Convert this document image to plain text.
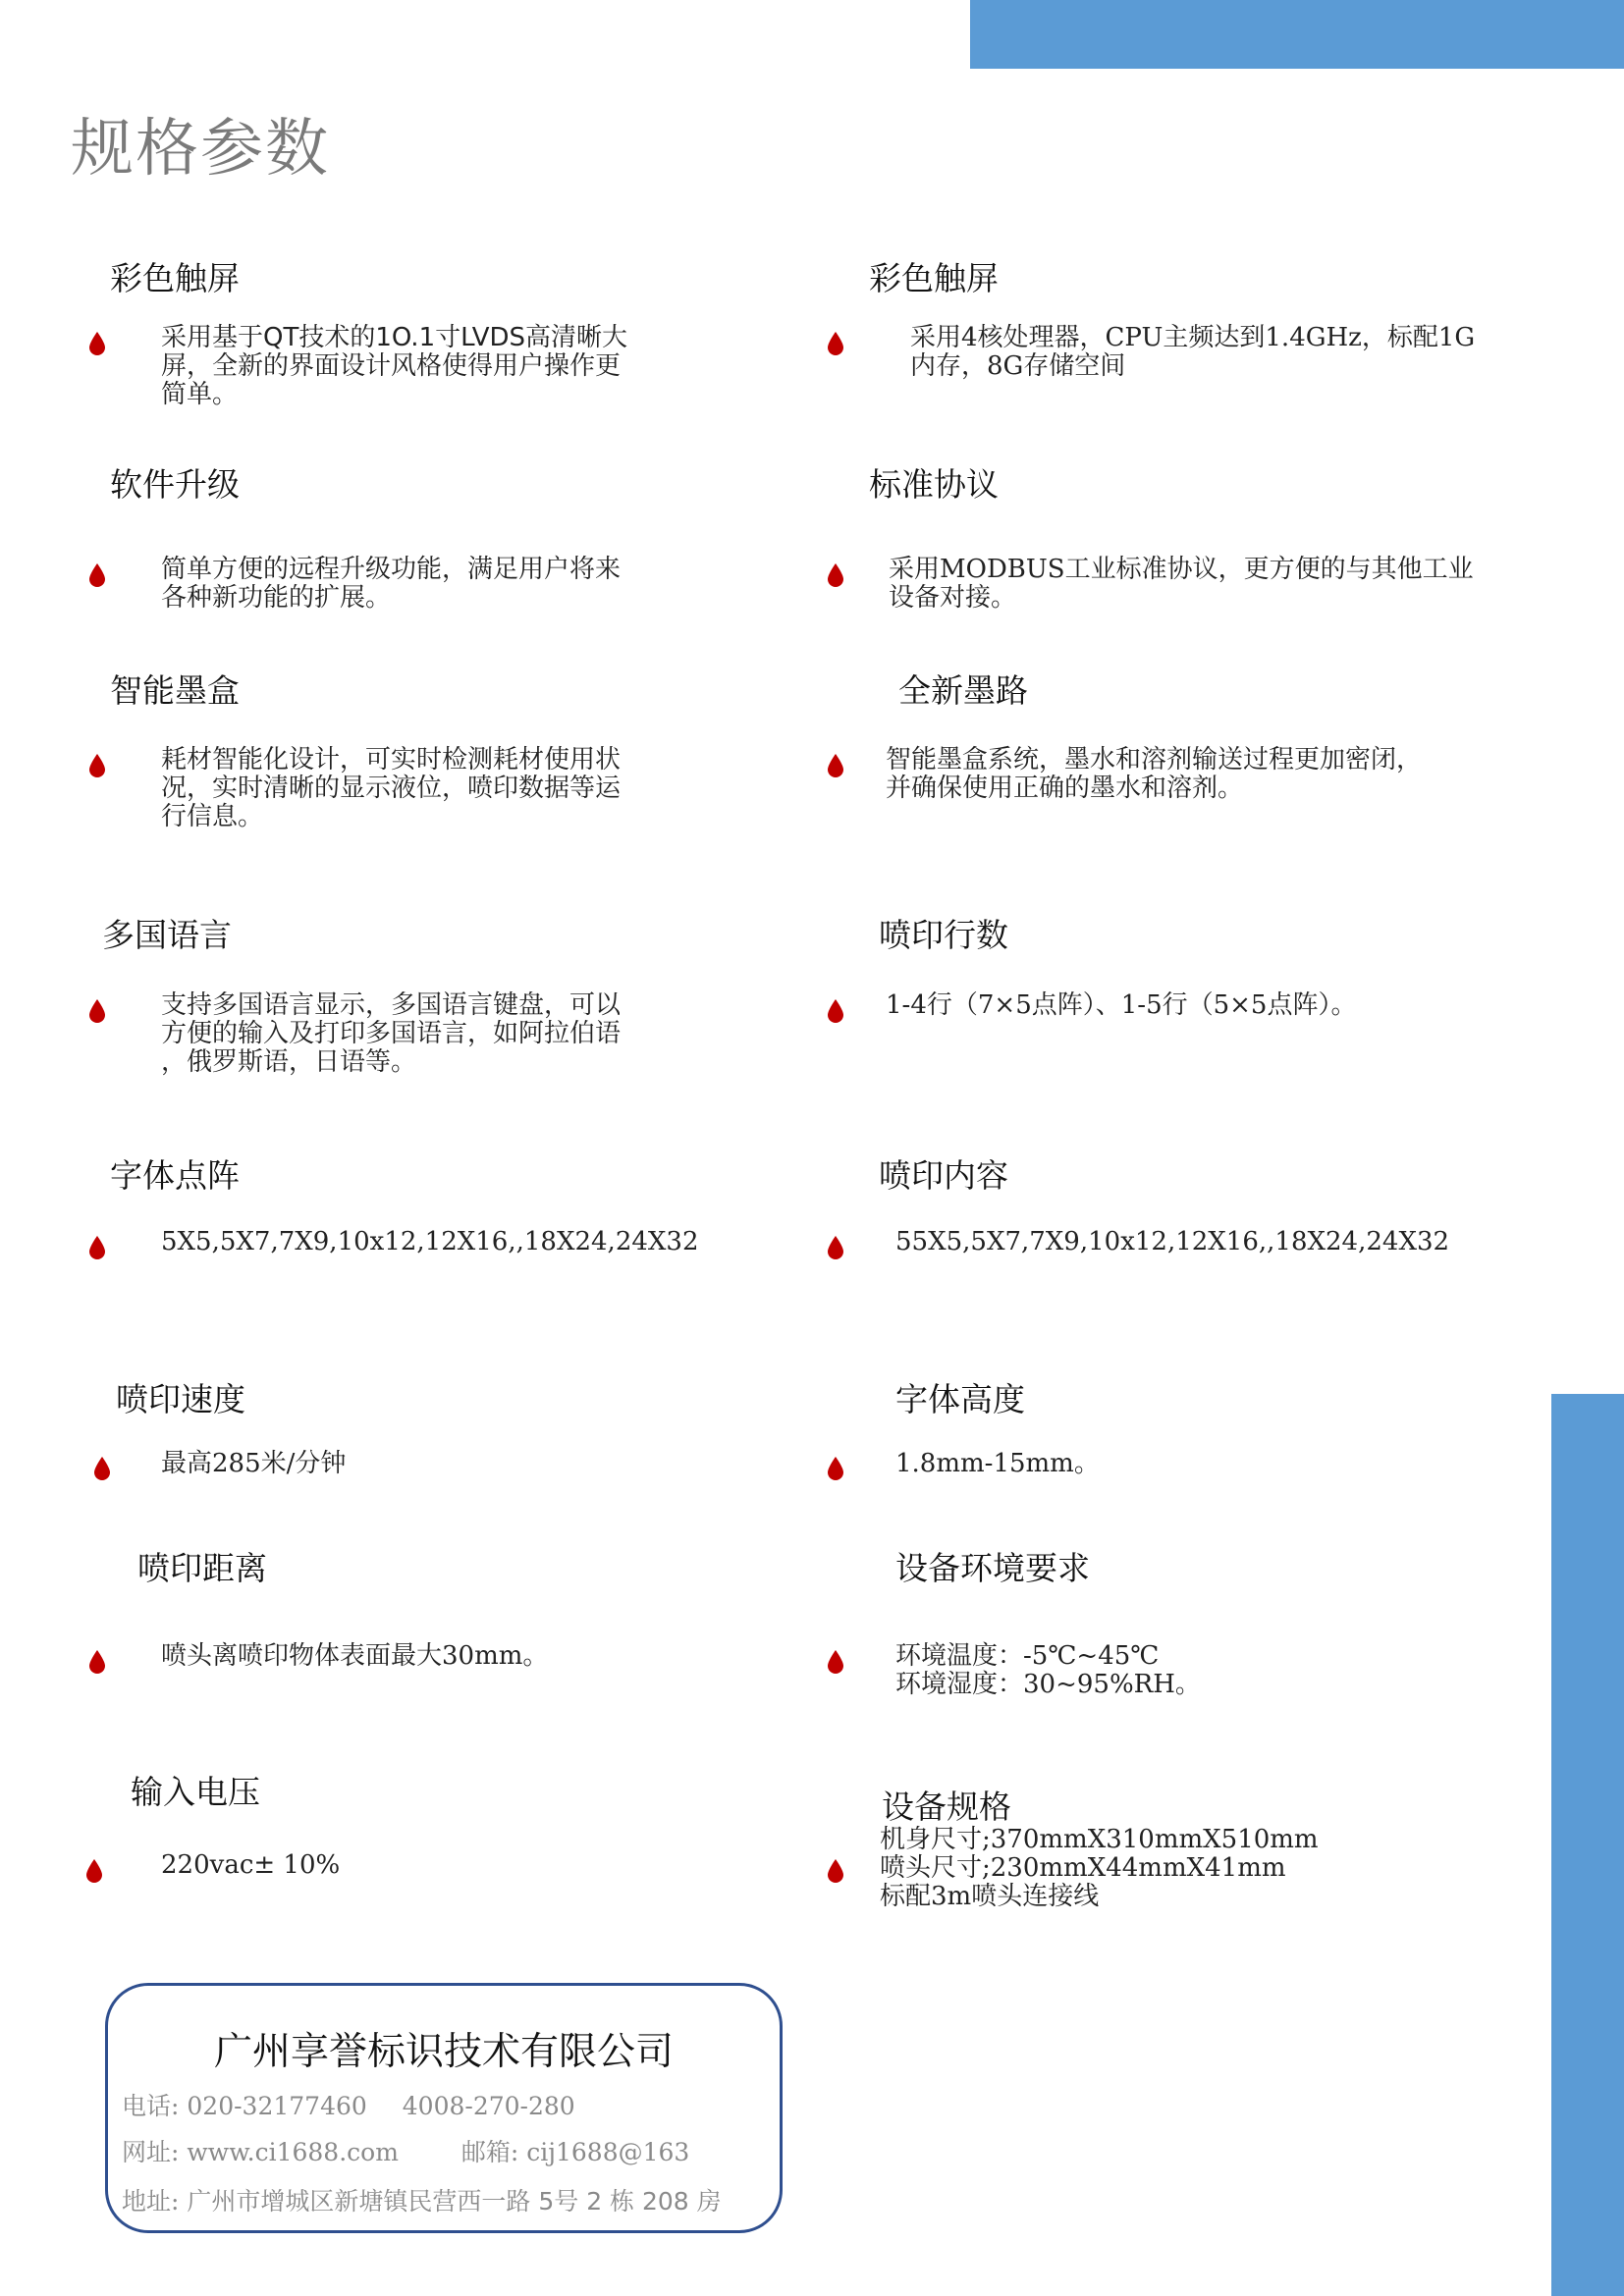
规格参数
彩色触屏
采用基于QT技术的1O.1寸LVDS高清晰大
屏，全新的界面设计风格使得用户操作更
简单。
彩色触屏
采用4核处理器，CPU主频达到1.4GHz，标配1G
内存，8G存储空间
软件升级
简单方便的远程升级功能，满足用户将来
各种新功能的扩展。
标准协议
采用MODBUS工业标准协议，更方便的与其他工业
设备对接。
智能墨盒
耗材智能化设计，可实时检测耗材使用状
况，实时清晰的显示液位，喷印数据等运
行信息。
全新墨路
智能墨盒系统，墨水和溶剂输送过程更加密闭，
并确保使用正确的墨水和溶剂。
多国语言
支持多国语言显示，多国语言键盘，可以
方便的输入及打印多国语言，如阿拉伯语
，俄罗斯语，日语等。
喷印行数
1-4行（7×5点阵）、1-5行（5×5点阵）。
字体点阵
5X5,5X7,7X9,10x12,12X16,,18X24,24X32
喷印内容
55X5,5X7,7X9,10x12,12X16,,18X24,24X32
喷印速度
最高285米/分钟
字体高度
1.8mm-15mm。
喷印距离
喷头离喷印物体表面最大30mm。
设备环境要求
环境温度：-5℃~45℃
环境湿度：30~95%RH。
输入电压
220vac± 10%
设备规格
机身尺寸;370mmX310mmX510mm
喷头尺寸;230mmX44mmX41mm
标配3m喷头连接线
广州享誉标识技术有限公司
电话: 020-32177460 4008-270-280
网址: www.ci1688.com	邮箱: cij1688@163
地址: 广州市增城区新塘镇民营西一路 5号 2 栋 208 房
